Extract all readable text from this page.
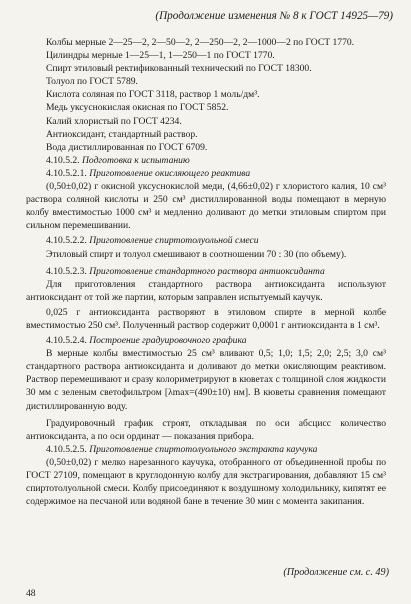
(Продолжение изменения № 8 к ГОСТ 14925—79)

Колбы мерные 2—25—2, 2—50—2, 2—250—2, 2—1000—2 по ГОСТ 1770.

Цилиндры мерные 1—25—1, 1—250—1 по ГОСТ 1770.

Спирт этиловый ректификованный технический по ГОСТ 18300.

Толуол по ГОСТ 5789.

Кислота соляная по ГОСТ 3118, раствор 1 моль/дм³.

Медь уксуснокислая окисная по ГОСТ 5852.

Калий хлористый по ГОСТ 4234.

Антиоксидант, стандартный раствор.

Вода дистиллированная по ГОСТ 6709.

4.10.5.2. Подготовка к испытанию

4.10.5.2.1. Приготовление окисляющего реактива

(0,50±0,02) г окисной уксуснокислой меди, (4,66±0,02) г хлористого калия, 10 см³ раствора соляной кислоты и 250 см³ дистиллированной воды помещают в мерную колбу вместимостью 1000 см³ и медленно доливают до метки этиловым спиртом при сильном перемешивании.

4.10.5.2.2. Приготовление спиртотолуольной смеси

Этиловый спирт и толуол смешивают в соотношении 70 : 30 (по объему).

4.10.5.2.3. Приготовление стандартного раствора антиоксиданта

Для приготовления стандартного раствора антиоксиданта используют антиоксидант от той же партии, которым заправлен испытуемый каучук.

0,025 г антиоксиданта растворяют в этиловом спирте в мерной колбе вместимостью 250 см³. Полученный раствор содержит 0,0001 г антиоксиданта в 1 см³.

4.10.5.2.4. Построение градуировочного графика

В мерные колбы вместимостью 25 см³ вливают 0,5; 1,0; 1,5; 2,0; 2,5; 3,0 см³ стандартного раствора антиоксиданта и доливают до метки окисляющим реактивом. Раствор перемешивают и сразу колориметрируют в кюветах с толщиной слоя жидкости 30 мм с зеленым светофильтром [λmax=(490±10) нм]. В кюветы сравнения помещают дистиллированную воду.

Градуировочный график строят, откладывая по оси абсцисс количество антиоксиданта, а по оси ординат — показания прибора.

4.10.5.2.5. Приготовление спиртотолуольного экстракта каучука

(0,50±0,02) г мелко нарезанного каучука, отобранного от объединенной пробы по ГОСТ 27109, помещают в круглодонную колбу для экстрагирования, добавляют 15 см³ спиртотолуольной смеси. Колбу присоединяют к воздушному холодильнику, кипятят ее содержимое на песчаной или водяной бане в течение 30 мин с момента закипания.

(Продолжение см. с. 49)
48
